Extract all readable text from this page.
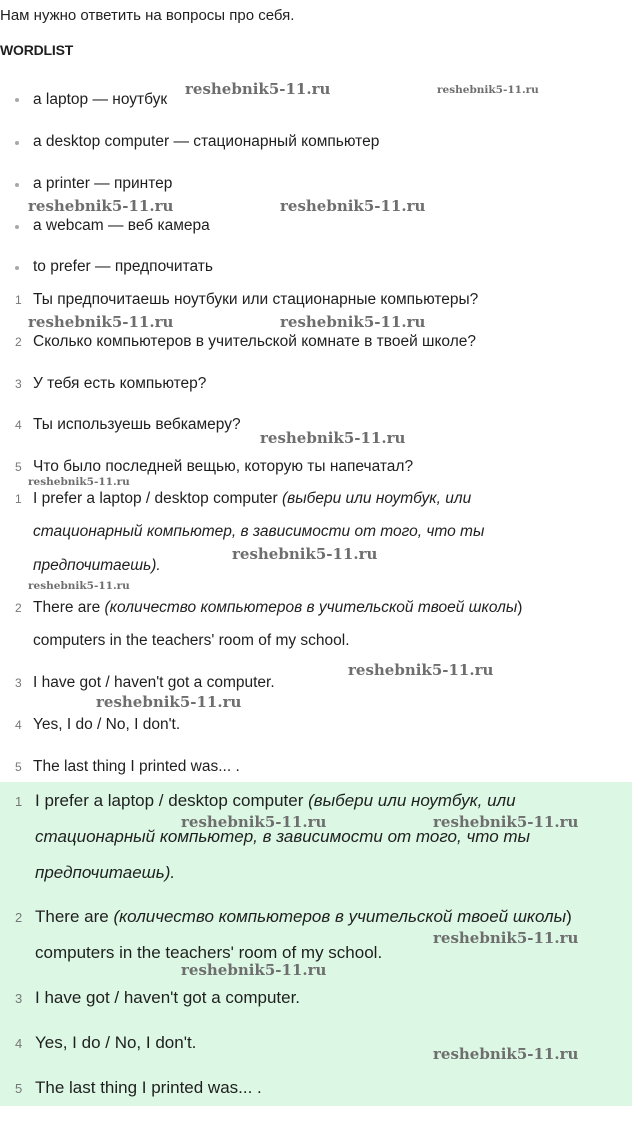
Нам нужно ответить на вопросы про себя.
WORDLIST
a laptop — ноутбук
a desktop computer — стационарный компьютер
a printer — принтер
a webcam — веб камера
to prefer — предпочитать
1 Ты предпочитаешь ноутбуки или стационарные компьютеры?
2 Сколько компьютеров в учительской комнате в твоей школе?
3 У тебя есть компьютер?
4 Ты используешь вебкамеру?
5 Что было последней вещью, которую ты напечатал?
1 I prefer a laptop / desktop computer (выбери или ноутбук, или
стационарный компьютер, в зависимости от того, что ты
предпочитаешь).
2 There are (количество компьютеров в учительской твоей школы)
computers in the teachers' room of my school.
3 I have got / haven't got a computer.
4 Yes, I do / No, I don't.
5 The last thing I printed was... .
1 I prefer a laptop / desktop computer (выбери или ноутбук, или
стационарный компьютер, в зависимости от того, что ты
предпочитаешь).
2 There are (количество компьютеров в учительской твоей школы)
computers in the teachers' room of my school.
3 I have got / haven't got a computer.
4 Yes, I do / No, I don't.
5 The last thing I printed was... .
reshebnik5-11.ru	reshebnik5-11.ru
reshebnik5-11.ru	reshebnik5-11.ru
reshebnik5-11.ru	reshebnik5-11.ru
reshebnik5-11.ru
reshebnik5-11.ru
reshebnik5-11.ru
reshebnik5-11.ru
reshebnik5-11.ru
reshebnik5-11.ru
reshebnik5-11.ru	reshebnik5-11.ru
reshebnik5-11.ru
reshebnik5-11.ru
reshebnik5-11.ru
